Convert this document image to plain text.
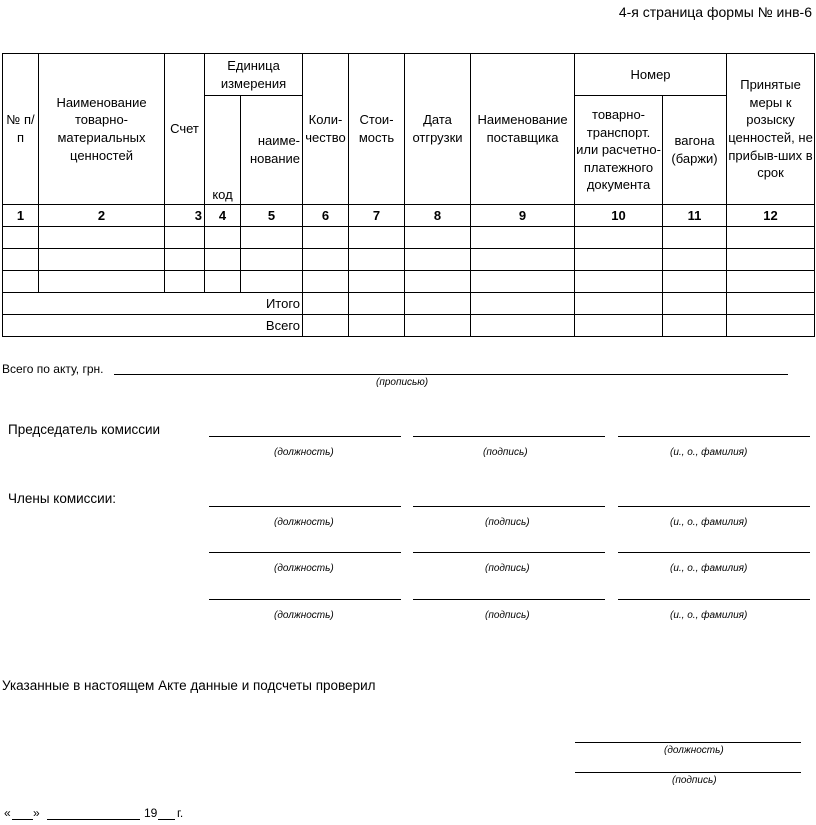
4-я страница формы № инв-6
№ п/п	Наименование товарно-материальных ценностей	Счет	Единица измерения		Коли-чество	Стои-мость	Дата отгрузки	Наименование поставщика	Номер		Принятые меры к розыску ценностей, не прибыв-ших в срок
			код	наиме-нование					товарно-транспорт. или расчетно-платежного документа	вагона (баржи)	
1	2	3	4	5	6	7	8	9	10	11	12

Итого											
Всего											
Всего по акту, грн.
(прописью)
Председатель комиссии
(должность)	(подпись)	(и., о., фамилия)
Члены комиссии:
(должность)	(подпись)	(и., о., фамилия)
(должность)	(подпись)	(и., о., фамилия)
(должность)	(подпись)	(и., о., фамилия)
Указанные в настоящем Акте данные и подсчеты проверил
(должность)
(подпись)
« »	19 г.
